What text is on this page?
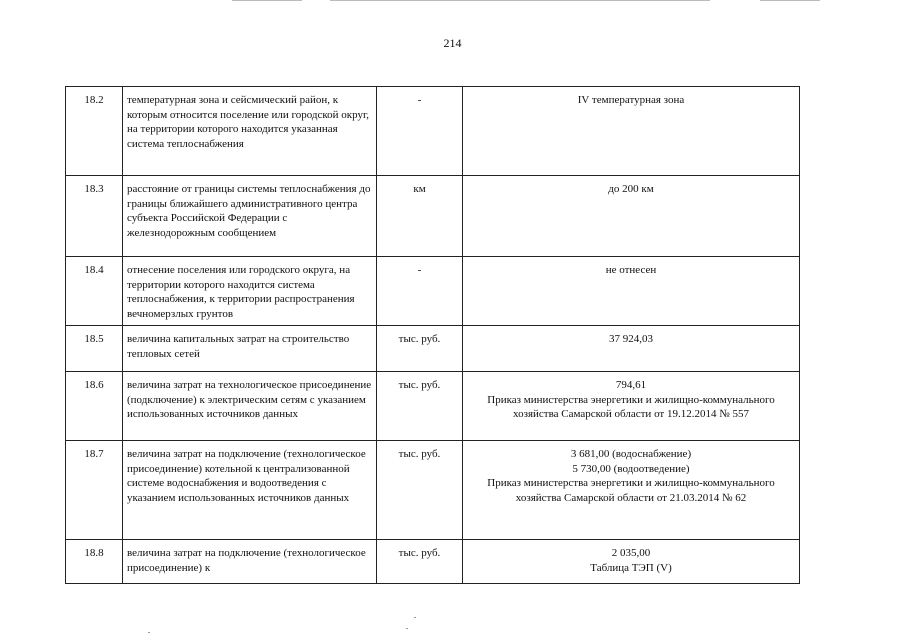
214
18.2	температурная зона и сейсмический район, к которым относится поселение или городской округ, на территории которого находится указанная система теплоснабжения	-	IV температурная зона

18.3	расстояние от границы системы теплоснабжения до границы ближайшего административного центра субъекта Российской Федерации с железнодорожным сообщением	км	до 200 км

18.4	отнесение поселения или городского округа, на территории которого находится система теплоснабжения, к территории распространения вечномерзлых грунтов	-	не отнесен

18.5	величина капитальных затрат на строительство тепловых сетей	тыс. руб.	37 924,03

18.6	величина затрат на технологическое присоединение (подключение) к электрическим сетям с указанием использованных источников данных	тыс. руб.	794,61
Приказ министерства энергетики и жилищно-коммунального хозяйства Самарской области от 19.12.2014 № 557

18.7	величина затрат на подключение (технологическое присоединение) котельной к централизованной системе водоснабжения и водоотведения с указанием использованных источников данных	тыс. руб.	3 681,00 (водоснабжение)
5 730,00 (водоотведение)
Приказ министерства энергетики и жилищно-коммунального хозяйства Самарской области от 21.03.2014 № 62

18.8	величина затрат на подключение (технологическое присоединение) к	тыс. руб.	2 035,00
Таблица ТЭП (V)
